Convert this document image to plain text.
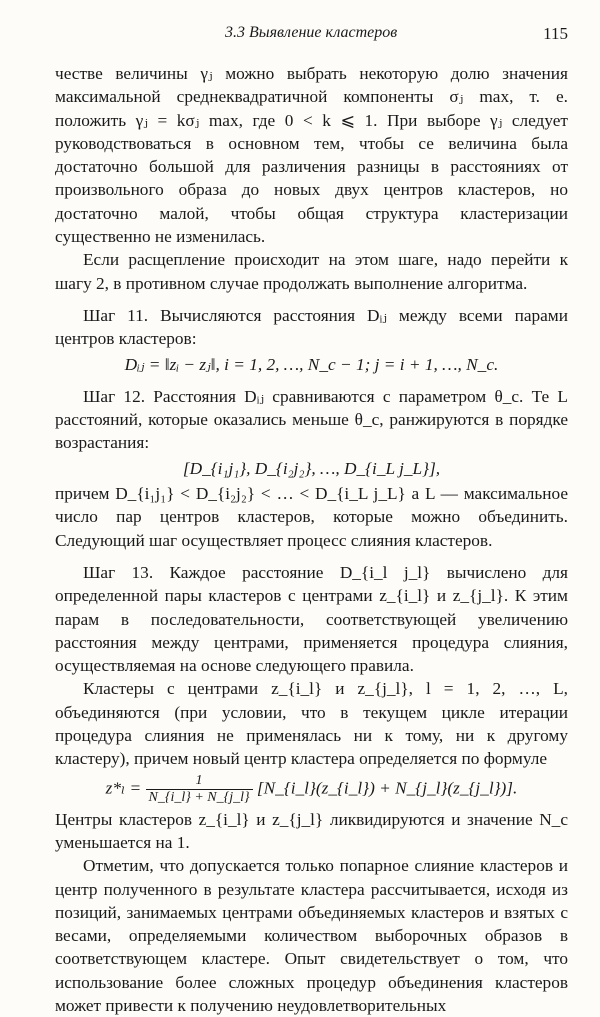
3.3 Выявление кластеров	115

честве величины γⱼ можно выбрать некоторую долю значения максимальной среднеквадратичной компоненты σⱼ max, т. е. положить γⱼ = kσⱼ max, где 0 < k ⩽ 1. При выборе γⱼ следует руководствоваться в основном тем, чтобы се величина была достаточно большой для различения разницы в расстояниях от произвольного образа до новых двух центров кластеров, но достаточно малой, чтобы общая структура кластеризации существенно не изменилась.

Если расщепление происходит на этом шаге, надо перейти к шагу 2, в противном случае продолжать выполнение алгоритма.

Шаг 11. Вычисляются расстояния Dᵢⱼ между всеми парами центров кластеров:

Dᵢⱼ = ‖zᵢ − zⱼ‖, i = 1, 2, …, N_c − 1; j = i + 1, …, N_c.

Шаг 12. Расстояния Dᵢⱼ сравниваются с параметром θ_c. Те L расстояний, которые оказались меньше θ_c, ранжируются в порядке возрастания:

[D_{i₁j₁}, D_{i₂j₂}, …, D_{i_L j_L}],

причем D_{i₁j₁} < D_{i₂j₂} < … < D_{i_L j_L} а L — максимальное число пар центров кластеров, которые можно объединить. Следующий шаг осуществляет процесс слияния кластеров.

Шаг 13. Каждое расстояние D_{i_l j_l} вычислено для определенной пары кластеров с центрами z_{i_l} и z_{j_l}. К этим парам в последовательности, соответствующей увеличению расстояния между центрами, применяется процедура слияния, осуществляемая на основе следующего правила.

Кластеры с центрами z_{i_l} и z_{j_l}, l = 1, 2, …, L, объединяются (при условии, что в текущем цикле итерации процедура слияния не применялась ни к тому, ни к другому кластеру), причем новый центр кластера определяется по формуле

$z*_l = \frac{1}{N\_\{i\_l\} + N\_\{j\_l\}}$ [N_{i_l}(z_{i_l}) + N_{j_l}(z_{j_l})].

Центры кластеров z_{i_l} и z_{j_l} ликвидируются и значение N_c уменьшается на 1.

Отметим, что допускается только попарное слияние кластеров и центр полученного в результате кластера рассчитывается, исходя из позиций, занимаемых центрами объединяемых кластеров и взятых с весами, определяемыми количеством выборочных образов в соответствующем кластере. Опыт свидетельствует о том, что использование более сложных процедур объединения кластеров может привести к получению неудовлетворительных
